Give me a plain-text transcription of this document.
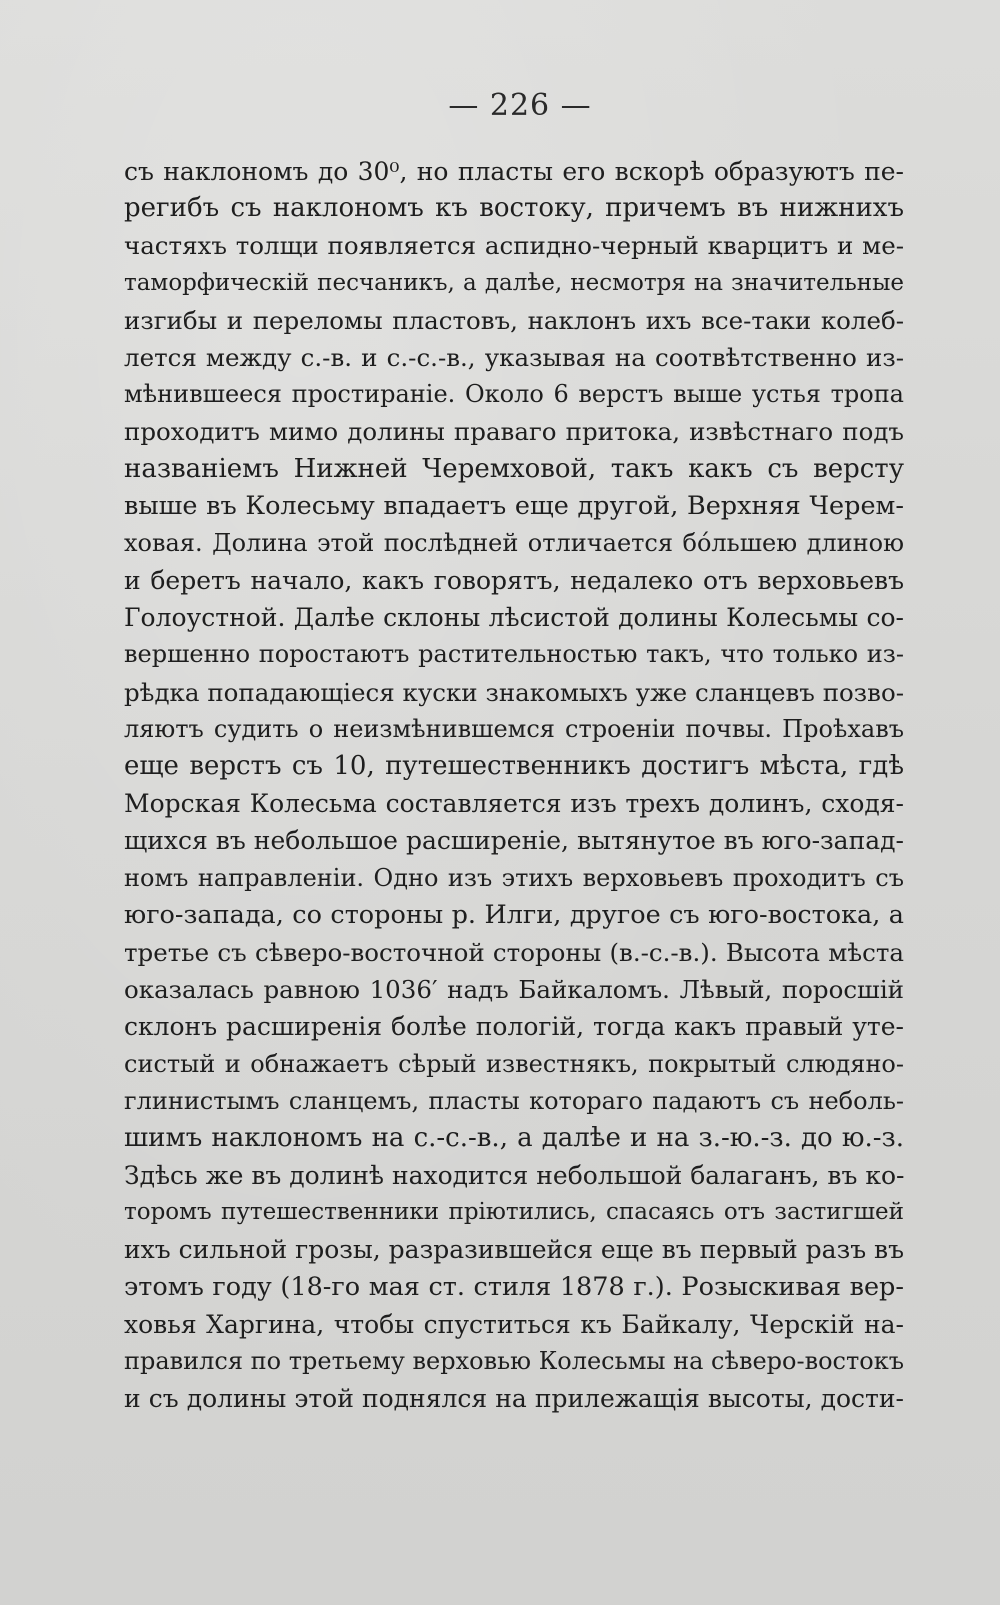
— 226 —
съ наклономъ до 30⁰, но пласты его вскорѣ образуютъ пе-
регибъ съ наклономъ къ востоку, причемъ въ нижнихъ
частяхъ толщи появляется аспидно-черный кварцитъ и ме-
таморфическій песчаникъ, а далѣе, несмотря на значительные
изгибы и переломы пластовъ, наклонъ ихъ все-таки колеб-
лется между с.-в. и с.-с.-в., указывая на соотвѣтственно из-
мѣнившееся простираніе. Около 6 верстъ выше устья тропа
проходитъ мимо долины праваго притока, извѣстнаго подъ
названіемъ Нижней Черемховой, такъ какъ съ версту
выше въ Колесьму впадаетъ еще другой, Верхняя Черем-
ховая. Долина этой послѣдней отличается бóльшею длиною
и беретъ начало, какъ говорятъ, недалеко отъ верховьевъ
Голоустной. Далѣе склоны лѣсистой долины Колесьмы со-
вершенно поростаютъ растительностью такъ, что только из-
рѣдка попадающіеся куски знакомыхъ уже сланцевъ позво-
ляютъ судить о неизмѣнившемся строеніи почвы. Проѣхавъ
еще верстъ съ 10, путешественникъ достигъ мѣста, гдѣ
Морская Колесьма составляется изъ трехъ долинъ, сходя-
щихся въ небольшое расширеніе, вытянутое въ юго-запад-
номъ направленіи. Одно изъ этихъ верховьевъ проходитъ съ
юго-запада, со стороны р. Илги, другое съ юго-востока, а
третье съ сѣверо-восточной стороны (в.-с.-в.). Высота мѣста
оказалась равною 1036′ надъ Байкаломъ. Лѣвый, поросшій
склонъ расширенія болѣе пологій, тогда какъ правый уте-
систый и обнажаетъ сѣрый известнякъ, покрытый слюдяно-
глинистымъ сланцемъ, пласты котораго падаютъ съ неболь-
шимъ наклономъ на с.-с.-в., а далѣе и на з.-ю.-з. до ю.-з.
Здѣсь же въ долинѣ находится небольшой балаганъ, въ ко-
торомъ путешественники пріютились, спасаясь отъ застигшей
ихъ сильной грозы, разразившейся еще въ первый разъ въ
этомъ году (18-го мая ст. стиля 1878 г.). Розыскивая вер-
ховья Харгина, чтобы спуститься къ Байкалу, Черскій на-
правился по третьему верховью Колесьмы на сѣверо-востокъ
и съ долины этой поднялся на прилежащія высоты, дости-
